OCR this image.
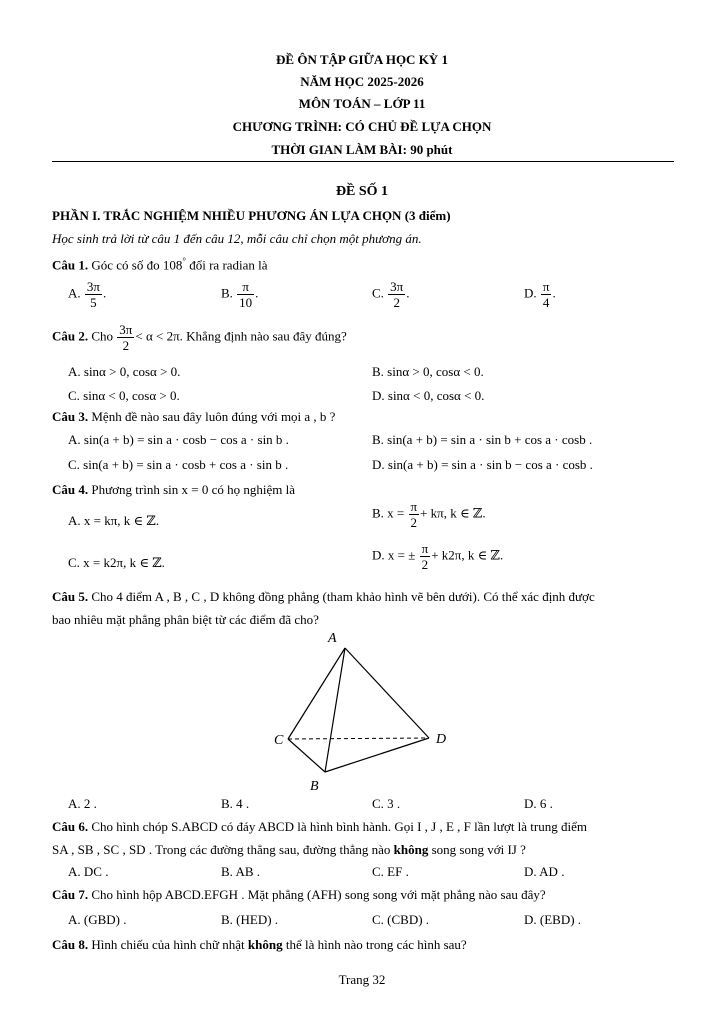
ĐỀ ÔN TẬP GIỮA HỌC KỲ 1
NĂM HỌC 2025-2026
MÔN TOÁN – LỚP 11
CHƯƠNG TRÌNH: CÓ CHỦ ĐỀ LỰA CHỌN
THỜI GIAN LÀM BÀI: 90 phút
ĐỀ SỐ 1
PHẦN I. TRẮC NGHIỆM NHIỀU PHƯƠNG ÁN LỰA CHỌN (3 điểm)
Học sinh trả lời từ câu 1 đến câu 12, mỗi câu chỉ chọn một phương án.
Câu 1. Góc có số đo 108° đổi ra radian là
A. $\frac{3\pi}{5}$ .	B. $\frac{\pi}{10}$ .	C. $\frac{3\pi}{2}$ .	D. $\frac{\pi}{4}$ .
Câu 2. Cho $\frac{3\pi}{2} < \alpha < 2\pi$. Khẳng định nào sau đây đúng?
A. sinα > 0, cosα > 0.	B. sinα > 0, cosα < 0.
C. sinα < 0, cosα > 0.	D. sinα < 0, cosα < 0.
Câu 3. Mệnh đề nào sau đây luôn đúng với mọi a , b ?
A. sin(a + b) = sin a · cosb − cos a · sin b .	B. sin(a + b) = sin a · sin b + cos a · cosb .
C. sin(a + b) = sin a · cosb + cos a · sin b .	D. sin(a + b) = sin a · sin b − cos a · cosb .
Câu 4. Phương trình sin x = 0 có họ nghiệm là
A. x = kπ, k ∈ ℤ.
B. $x = \frac{\pi}{2} + k\pi$, k ∈ ℤ.
C. x = k2π, k ∈ ℤ.
D. x = ± $\frac{\pi}{2} + k2\pi$, k ∈ ℤ.
Câu 5. Cho 4 điểm A , B , C , D không đồng phẳng (tham khảo hình vẽ bên dưới). Có thể xác định được
bao nhiêu mặt phẳng phân biệt từ các điểm đã cho?
A
C	D
B
A. 2 .	B. 4 .	C. 3 .	D. 6 .
Câu 6. Cho hình chóp S.ABCD có đáy ABCD là hình bình hành. Gọi I , J , E , F lần lượt là trung điểm
SA , SB , SC , SD . Trong các đường thẳng sau, đường thẳng nào không song song với IJ ?
A. DC .	B. AB .	C. EF .	D. AD .
Câu 7. Cho hình hộp ABCD.EFGH . Mặt phẳng (AFH) song song với mặt phẳng nào sau đây?
A. (GBD) .	B. (HED) .	C. (CBD) .	D. (EBD) .
Câu 8. Hình chiếu của hình chữ nhật không thể là hình nào trong các hình sau?
Trang 32
